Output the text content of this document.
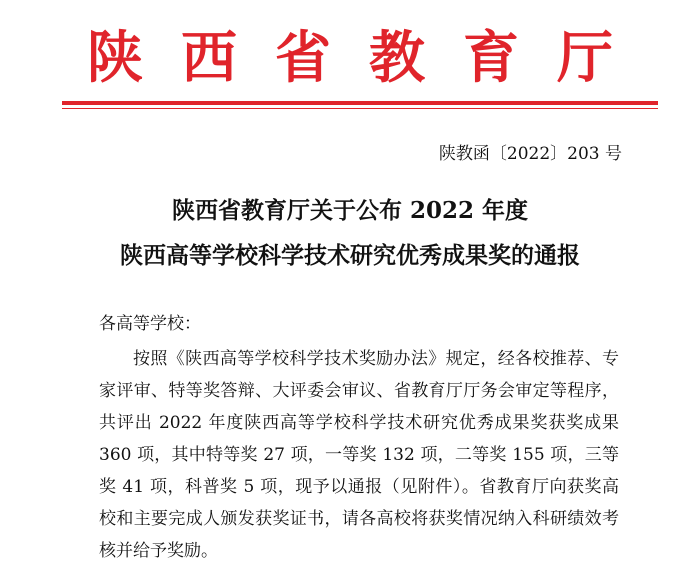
陕西省教育厅
陕教函〔2022〕203 号
陕西省教育厅关于公布 2022 年度
陕西高等学校科学技术研究优秀成果奖的通报
各高等学校：

按照《陕西高等学校科学技术奖励办法》规定，经各校推荐、专家评审、特等奖答辩、大评委会审议、省教育厅厅务会审定等程序，共评出 2022 年度陕西高等学校科学技术研究优秀成果奖获奖成果 360 项，其中特等奖 27 项，一等奖 132 项，二等奖 155 项，三等奖 41 项，科普奖 5 项，现予以通报（见附件）。省教育厅向获奖高校和主要完成人颁发获奖证书，请各高校将获奖情况纳入科研绩效考核并给予奖励。
